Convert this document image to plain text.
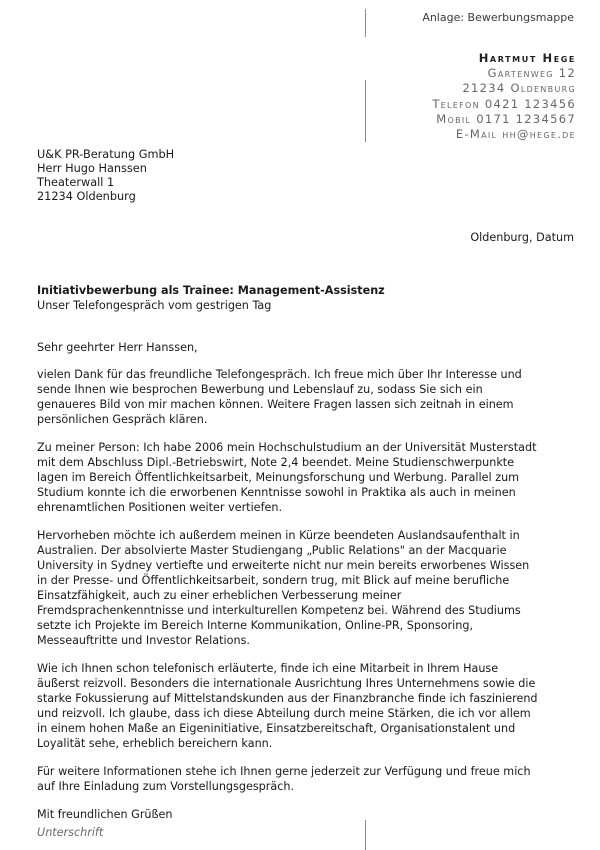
Anlage: Bewerbungsmappe
Hartmut Hege
Gartenweg 12
21234 Oldenburg
Telefon 0421 123456
Mobil 0171 1234567
E-Mail hh@hege.de
U&K PR-Beratung GmbH
Herr Hugo Hanssen
Theaterwall 1
21234 Oldenburg
Oldenburg, Datum
Initiativbewerbung als Trainee: Management-Assistenz
Unser Telefongespräch vom gestrigen Tag

Sehr geehrter Herr Hanssen,

vielen Dank für das freundliche Telefongespräch. Ich freue mich über Ihr Interesse und
sende Ihnen wie besprochen Bewerbung und Lebenslauf zu, sodass Sie sich ein
genaueres Bild von mir machen können. Weitere Fragen lassen sich zeitnah in einem
persönlichen Gespräch klären.

Zu meiner Person: Ich habe 2006 mein Hochschulstudium an der Universität Musterstadt
mit dem Abschluss Dipl.-Betriebswirt, Note 2,4 beendet. Meine Studienschwerpunkte
lagen im Bereich Öffentlichkeitsarbeit, Meinungsforschung und Werbung. Parallel zum
Studium konnte ich die erworbenen Kenntnisse sowohl in Praktika als auch in meinen
ehrenamtlichen Positionen weiter vertiefen.

Hervorheben möchte ich außerdem meinen in Kürze beendeten Auslandsaufenthalt in
Australien. Der absolvierte Master Studiengang „Public Relations" an der Macquarie
University in Sydney vertiefte und erweiterte nicht nur mein bereits erworbenes Wissen
in der Presse- und Öffentlichkeitsarbeit, sondern trug, mit Blick auf meine berufliche
Einsatzfähigkeit, auch zu einer erheblichen Verbesserung meiner
Fremdsprachenkenntnisse und interkulturellen Kompetenz bei. Während des Studiums
setzte ich Projekte im Bereich Interne Kommunikation, Online-PR, Sponsoring,
Messeauftritte und Investor Relations.

Wie ich Ihnen schon telefonisch erläuterte, finde ich eine Mitarbeit in Ihrem Hause
äußerst reizvoll. Besonders die internationale Ausrichtung Ihres Unternehmens sowie die
starke Fokussierung auf Mittelstandskunden aus der Finanzbranche finde ich faszinierend
und reizvoll. Ich glaube, dass ich diese Abteilung durch meine Stärken, die ich vor allem
in einem hohen Maße an Eigeninitiative, Einsatzbereitschaft, Organisationstalent und
Loyalität sehe, erheblich bereichern kann.

Für weitere Informationen stehe ich Ihnen gerne jederzeit zur Verfügung und freue mich
auf Ihre Einladung zum Vorstellungsgespräch.

Mit freundlichen Grüßen

Unterschrift
